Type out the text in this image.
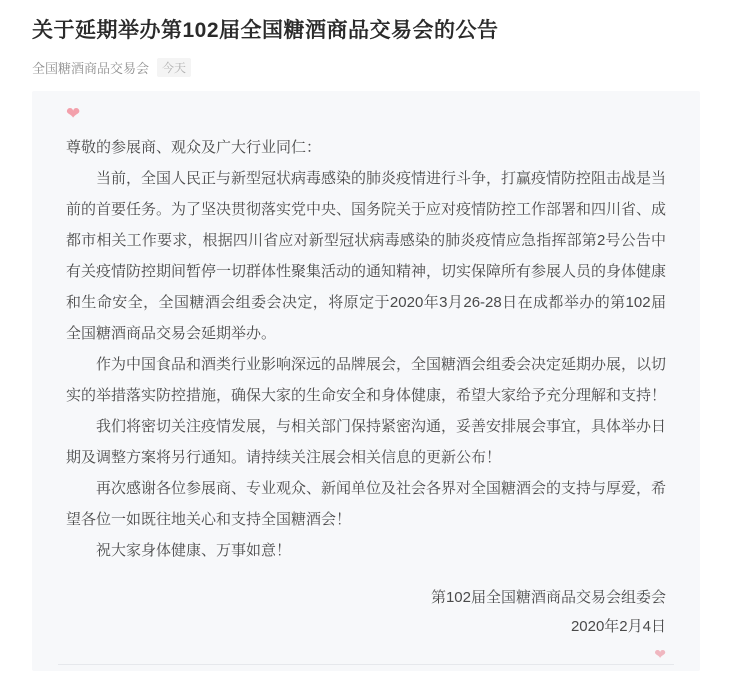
关于延期举办第102届全国糖酒商品交易会的公告
全国糖酒商品交易会	今天
❤
尊敬的参展商、观众及广大行业同仁：

当前，全国人民正与新型冠状病毒感染的肺炎疫情进行斗争，打赢疫情防控阻击战是当前的首要任务。为了坚决贯彻落实党中央、国务院关于应对疫情防控工作部署和四川省、成都市相关工作要求，根据四川省应对新型冠状病毒感染的肺炎疫情应急指挥部第2号公告中有关疫情防控期间暂停一切群体性聚集活动的通知精神，切实保障所有参展人员的身体健康和生命安全，全国糖酒会组委会决定，将原定于2020年3月26-28日在成都举办的第102届全国糖酒商品交易会延期举办。

作为中国食品和酒类行业影响深远的品牌展会，全国糖酒会组委会决定延期办展，以切实的举措落实防控措施，确保大家的生命安全和身体健康，希望大家给予充分理解和支持！

我们将密切关注疫情发展，与相关部门保持紧密沟通，妥善安排展会事宜，具体举办日期及调整方案将另行通知。请持续关注展会相关信息的更新公布！

再次感谢各位参展商、专业观众、新闻单位及社会各界对全国糖酒会的支持与厚爱，希望各位一如既往地关心和支持全国糖酒会！

祝大家身体健康、万事如意！

第102届全国糖酒商品交易会组委会
2020年2月4日
❤
